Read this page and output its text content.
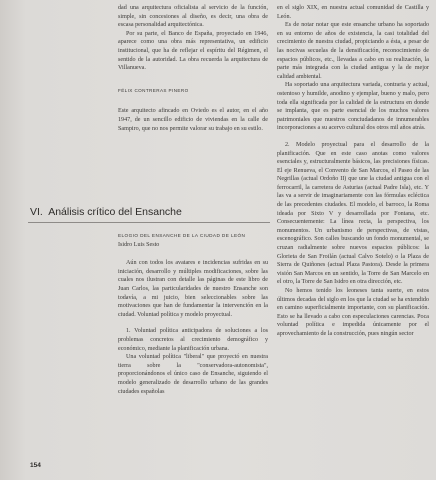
dad una arquitectura oficialista al servicio de la función, simple, sin concesiones al diseño, es decir, una obra de escasa personalidad arquitectónica.

Por su parte, el Banco de España, proyectado en 1946, aparece como una obra más representativa, un edificio institucional, que ha de reflejar el espíritu del Régimen, el sentido de la autoridad. La obra recuerda la arquitectura de Villanueva.

FÉLIX CONTRERAS PINERO

Este arquitecto afincado en Oviedo es el autor, en el año 1947, de un sencillo edificio de viviendas en la calle de Sampiro, que no nos permite valorar su trabajo en su estilo.

VI. Análisis crítico del Ensanche
ELOGIO DEL ENSANCHE DE LA CIUDAD DE LEÓN
Isidro Luis Sesto

Aún con todos los avatares e incidencias sufridas en su iniciación, desarrollo y múltiples modificaciones, sobre las cuales nos ilustran con detalle las páginas de este libro de Juan Carlos, las particularidades de nuestro Ensanche son todavía, a mi juicio, bien seleccionables sobre las motivaciones que han de fundamentar la intervención en la ciudad. Voluntad política y modelo proyectual.

1. Voluntad política anticipadora de soluciones a los problemas concretos al crecimiento demográfico y económico, mediante la planificación urbana.

Una voluntad política "liberal" que proyectó en nuestra tierra sobre la "conservadora-autonomista", proporcionándonos el único caso de Ensanche, siguiendo el modelo generalizado de desarrollo urbano de las grandes ciudades españolas

en el siglo XIX, en nuestra actual comunidad de Castilla y León.

Es de notar notar que este ensanche urbano ha soportado en su entorno de años de existencia, la casi totalidad del crecimiento de nuestra ciudad, propiciando a ésta, a pesar de las nocivas secuelas de la densificación, reconocimiento de espacios públicos, etc., llevadas a cabo en su realización, la parte más integrada con la ciudad antigua y la de mejor calidad ambiental.

Ha soportado una arquitectura variada, contraria y actual, ostentoso y humilde, anodino y ejemplar, bueno y malo, pero toda ella significada por la calidad de la estructura en donde se implanta, que es parte esencial de los muchos valores patrimoniales que nuestros conciudadanos de innumerables incorporaciones a su acervo cultural dos otros mil años atrás.

2. Modelo proyectual para el desarrollo de la planificación. Que en este caso anotas como valores esenciales y, estructuralmente básicos, las precisiones físicas. El eje Renueva, el Convento de San Marcos, el Paseo de las Negrillas (actual Ordoño II) que une la ciudad antigua con el ferrocarril, la carretera de Asturias (actual Padre Isla), etc. Y las va a servir de imaginariamente con las fórmulas ecléctica de las precedentes ciudades. El modelo, el barroco, la Roma ideada por Sixto V y desarrollada por Fontana, etc. Consecuentemente: La línea recta, la perspectiva, los monumentos. Un urbanismo de perspectivas, de vistas, escenográfico. Son calles buscando un fondo monumental, se cruzan radialmente sobre nuevos espacios públicos: la Glorieta de San Froilán (actual Calvo Sotelo) o la Plaza de Sierra de Quiñones (actual Plaza Pastora). Desde la primera visión San Marcos en un sentido, la Torre de San Marcelo en el otro, la Torre de San Isidro en otra dirección, etc.

No hemos tenido los leoneses tanta suerte, en estos últimos decadas del siglo en los que la ciudad se ha extendido en camino superficialmente importante, con su planificación. Esto se ha llevado a cabo con especulaciones carencias. Poca voluntad política e impedida únicamente por el aprovechamiento de la construcción, pues ningún sector

154
